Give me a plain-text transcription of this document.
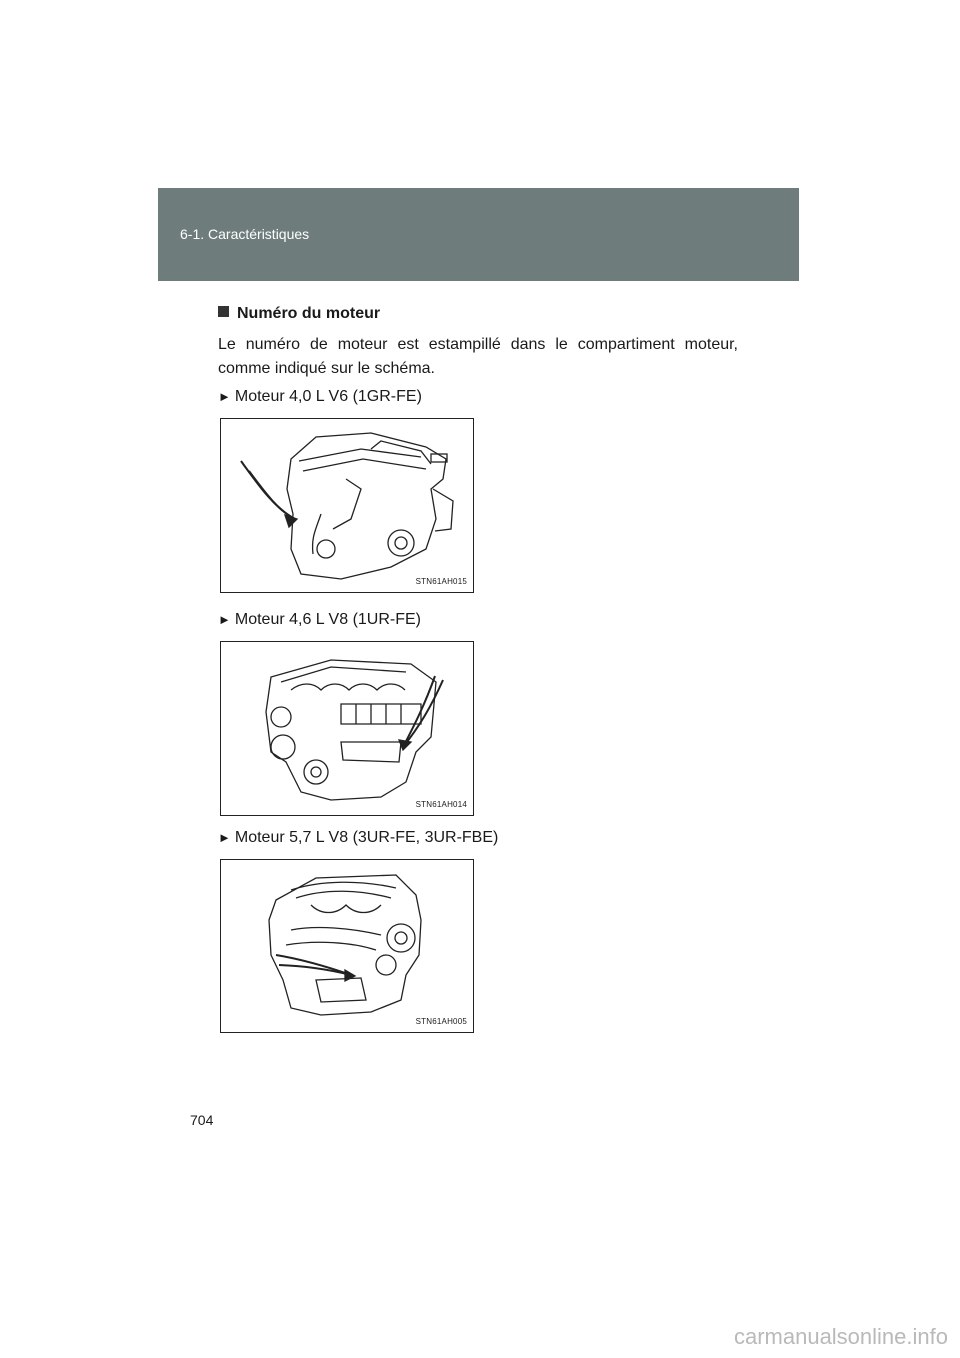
6-1. Caractéristiques
Numéro du moteur
Le numéro de moteur est estampillé dans le compartiment moteur, comme indiqué sur le schéma.
► Moteur 4,0 L V6 (1GR-FE)
STN61AH015
► Moteur 4,6 L V8 (1UR-FE)
STN61AH014
► Moteur 5,7 L V8 (3UR-FE, 3UR-FBE)
STN61AH005
704
carmanualsonline.info
